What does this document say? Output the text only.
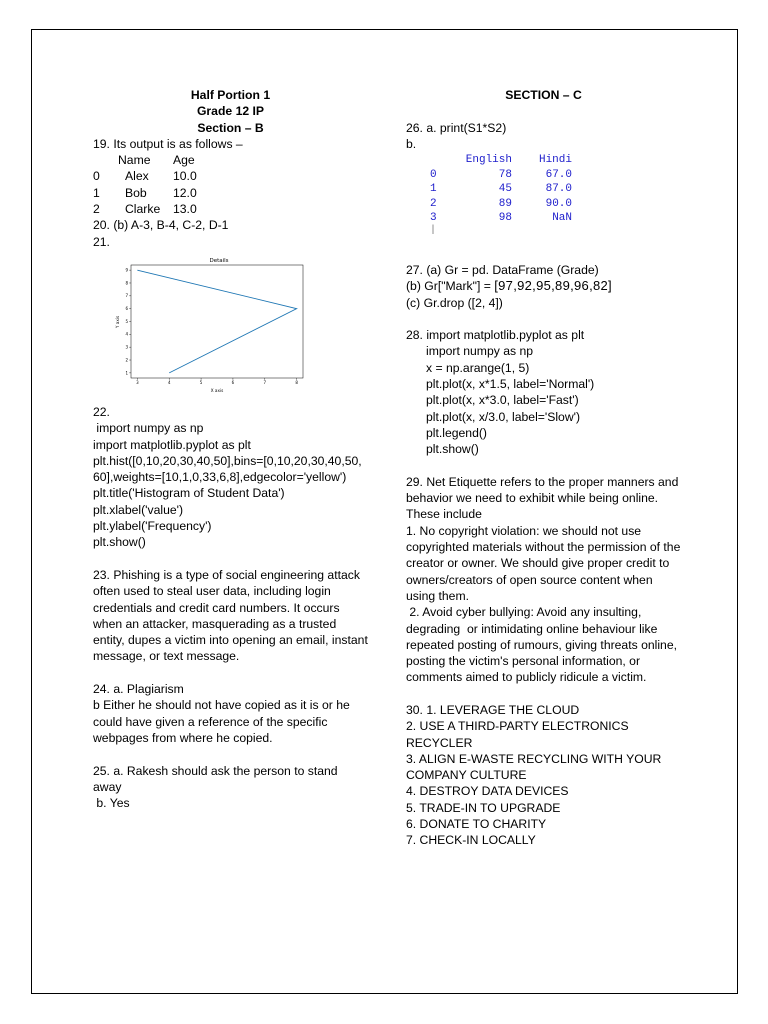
Half Portion 1
Grade 12 IP
Section – B
19. Its output is as follows –
Name	Age
0	Alex	10.0
1	Bob	12.0
2	Clarke	13.0
20. (b) A-3, B-4, C-2, D-1
21.
Details
3	4	5	6	7	8
1
2
3
4
5
6
7
8
9
X axis
Y axis
22.
import numpy as np
import matplotlib.pyplot as plt
plt.hist([0,10,20,30,40,50],bins=[0,10,20,30,40,50,60],weights=[10,1,0,33,6,8],edgecolor='yellow')
plt.title('Histogram of Student Data')
plt.xlabel('value')
plt.ylabel('Frequency')
plt.show()
23. Phishing is a type of social engineering attack often used to steal user data, including login credentials and credit card numbers. It occurs when an attacker, masquerading as a trusted entity, dupes a victim into opening an email, instant message, or text message.
24. a. Plagiarism
b Either he should not have copied as it is or he could have given a reference of the specific webpages from where he copied.
25. a. Rakesh should ask the person to stand away
b. Yes
SECTION – C
26. a. print(S1*S2)
b.
English	Hindi
0	78	67.0
1	45	87.0
2	89	90.0
3	98	NaN
|
27. (a) Gr = pd. DataFrame (Grade)
(b) Gr["Mark"] = [97,92,95,89,96,82]
(c) Gr.drop ([2, 4])
28. import matplotlib.pyplot as plt
import numpy as np
x = np.arange(1, 5)
plt.plot(x, x*1.5, label='Normal')
plt.plot(x, x*3.0, label='Fast')
plt.plot(x, x/3.0, label='Slow')
plt.legend()
plt.show()
29. Net Etiquette refers to the proper manners and behavior we need to exhibit while being online.
These include
1. No copyright violation: we should not use copyrighted materials without the permission of the creator or owner. We should give proper credit to owners/creators of open source content when using them.
2. Avoid cyber bullying: Avoid any insulting, degrading  or intimidating online behaviour like repeated posting of rumours, giving threats online, posting the victim's personal information, or comments aimed to publicly ridicule a victim.
30. 1. LEVERAGE THE CLOUD
2. USE A THIRD-PARTY ELECTRONICS RECYCLER
3. ALIGN E-WASTE RECYCLING WITH YOUR COMPANY CULTURE
4. DESTROY DATA DEVICES
5. TRADE-IN TO UPGRADE
6. DONATE TO CHARITY
7. CHECK-IN LOCALLY
